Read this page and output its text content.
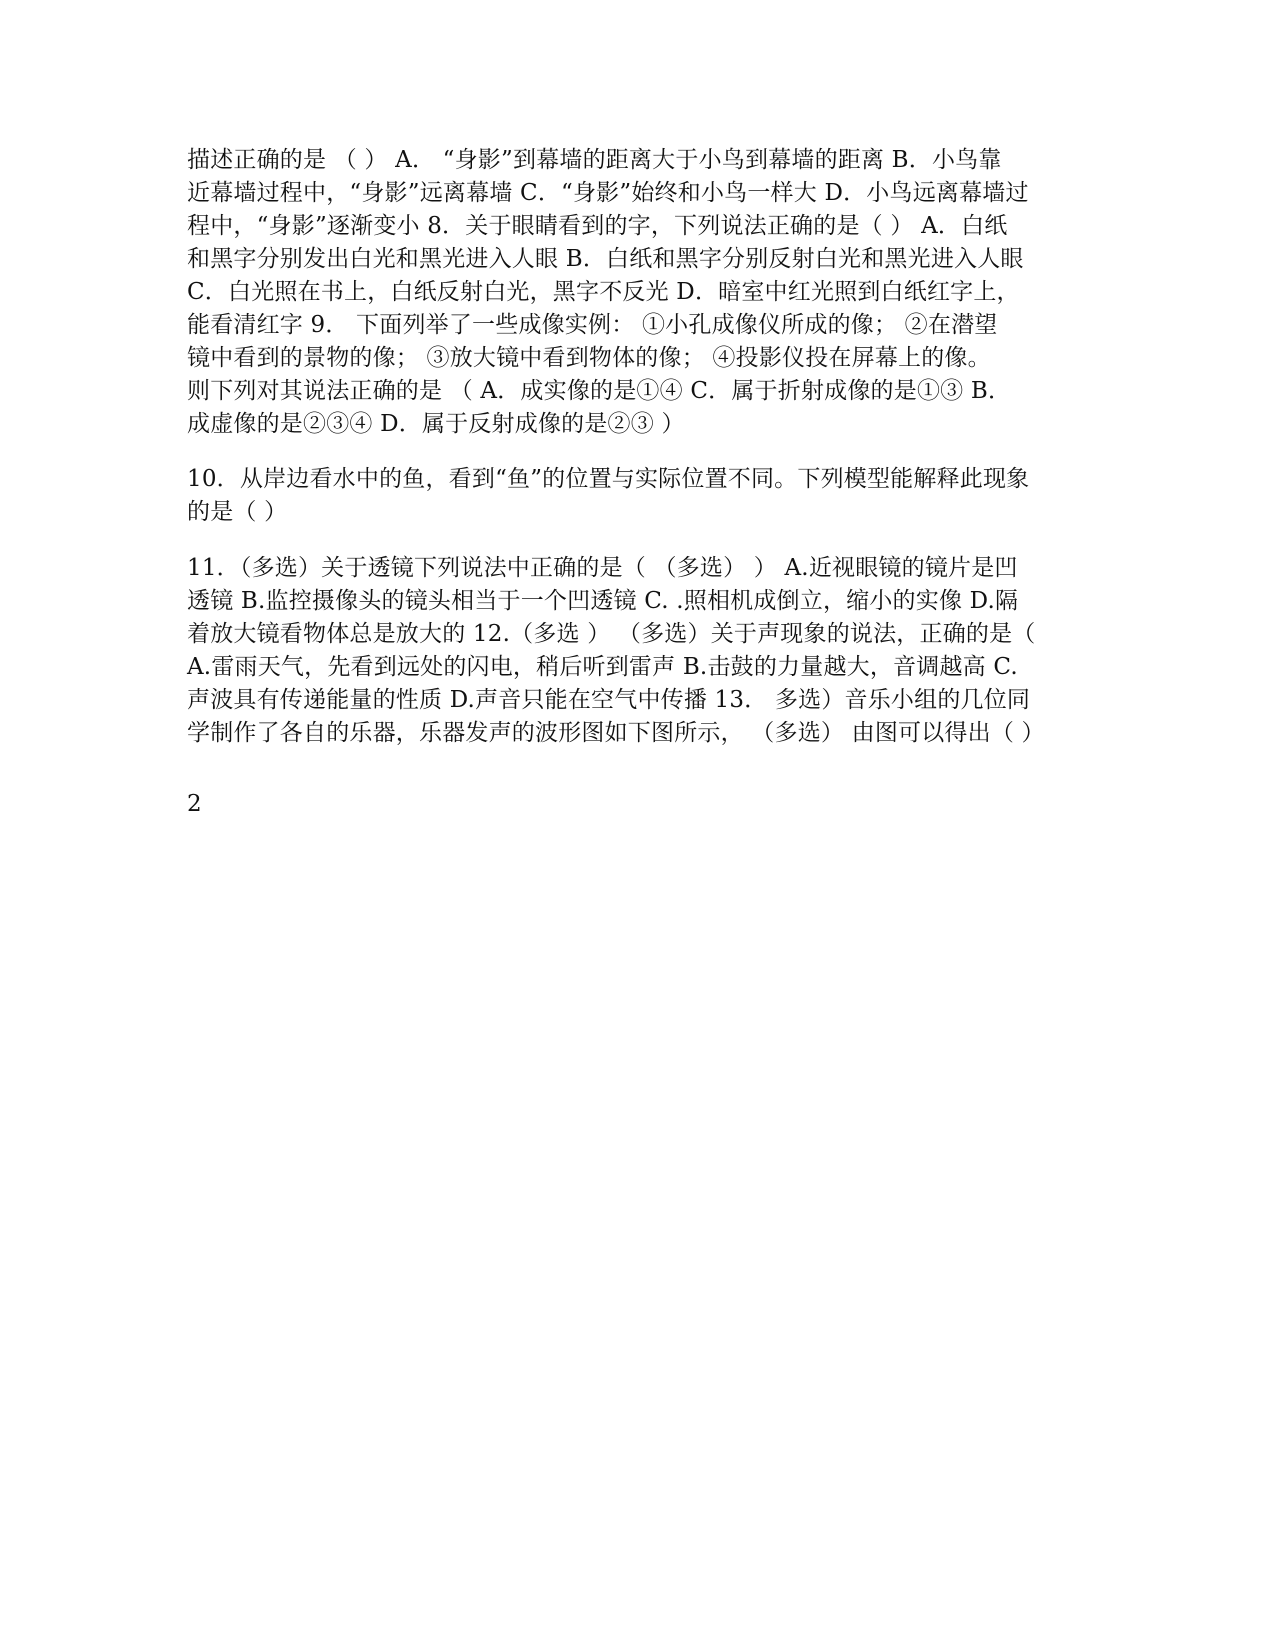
描述正确的是 （ ） A． “身影”到幕墙的距离大于小鸟到幕墙的距离 B．小鸟靠
近幕墙过程中，“身影”远离幕墙 C．“身影”始终和小鸟一样大 D．小鸟远离幕墙过
程中，“身影”逐渐变小 8．关于眼睛看到的字，下列说法正确的是（ ） A．白纸
和黑字分别发出白光和黑光进入人眼 B．白纸和黑字分别反射白光和黑光进入人眼
C．白光照在书上，白纸反射白光，黑字不反光 D．暗室中红光照到白纸红字上，
能看清红字 9． 下面列举了一些成像实例： ①小孔成像仪所成的像； ②在潜望
镜中看到的景物的像； ③放大镜中看到物体的像； ④投影仪投在屏幕上的像。
则下列对其说法正确的是 （ A．成实像的是①④ C．属于折射成像的是①③ B．
成虚像的是②③④ D．属于反射成像的是②③ ）
10．从岸边看水中的鱼，看到“鱼”的位置与实际位置不同。下列模型能解释此现象
的是（ ）
11．（多选）关于透镜下列说法中正确的是（ （多选） ） A.近视眼镜的镜片是凹
透镜 B.监控摄像头的镜头相当于一个凹透镜 C. .照相机成倒立，缩小的实像 D.隔
着放大镜看物体总是放大的 12.（多选 ） （多选）关于声现象的说法，正确的是（
A.雷雨天气，先看到远处的闪电，稍后听到雷声 B.击鼓的力量越大，音调越高 C.
声波具有传递能量的性质 D.声音只能在空气中传播 13． 多选）音乐小组的几位同
学制作了各自的乐器，乐器发声的波形图如下图所示， （多选） 由图可以得出（ ）
2
